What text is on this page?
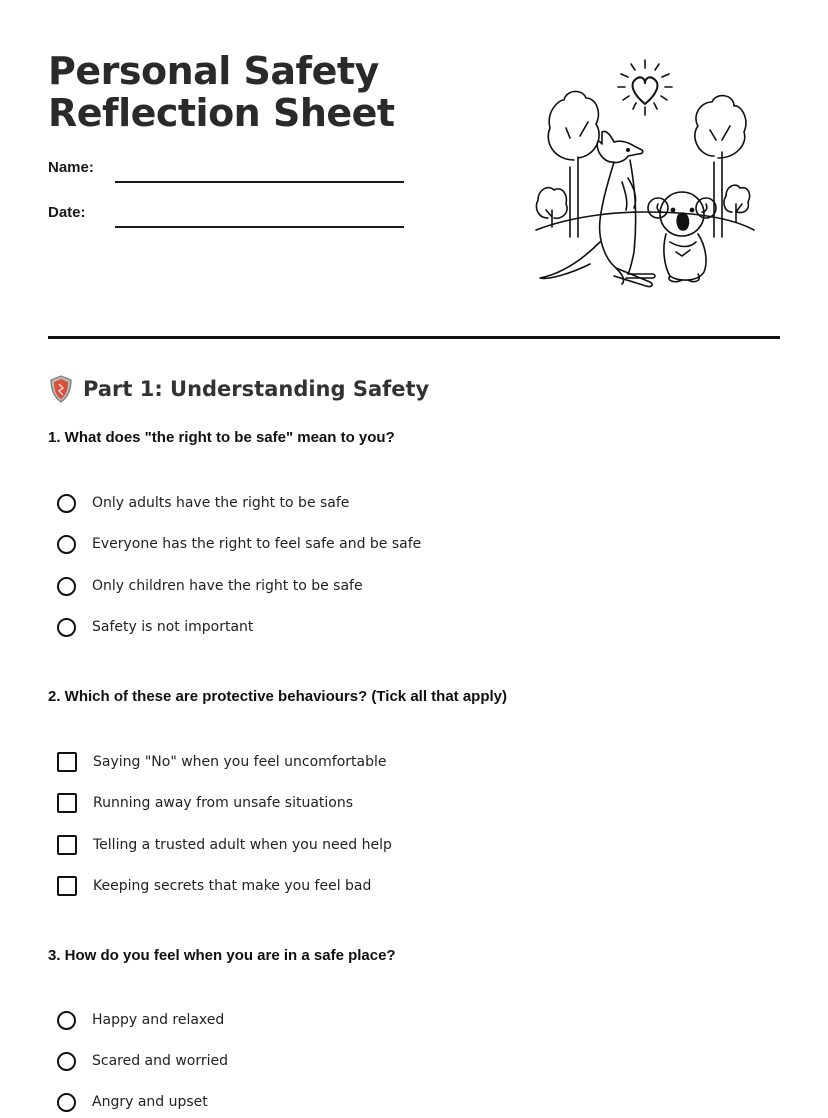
Personal Safety
Reflection Sheet
Name:
Date:
Part 1: Understanding Safety
1. What does "the right to be safe" mean to you?
Only adults have the right to be safe
Everyone has the right to feel safe and be safe
Only children have the right to be safe
Safety is not important
2. Which of these are protective behaviours? (Tick all that apply)
Saying "No" when you feel uncomfortable
Running away from unsafe situations
Telling a trusted adult when you need help
Keeping secrets that make you feel bad
3. How do you feel when you are in a safe place?
Happy and relaxed
Scared and worried
Angry and upset
